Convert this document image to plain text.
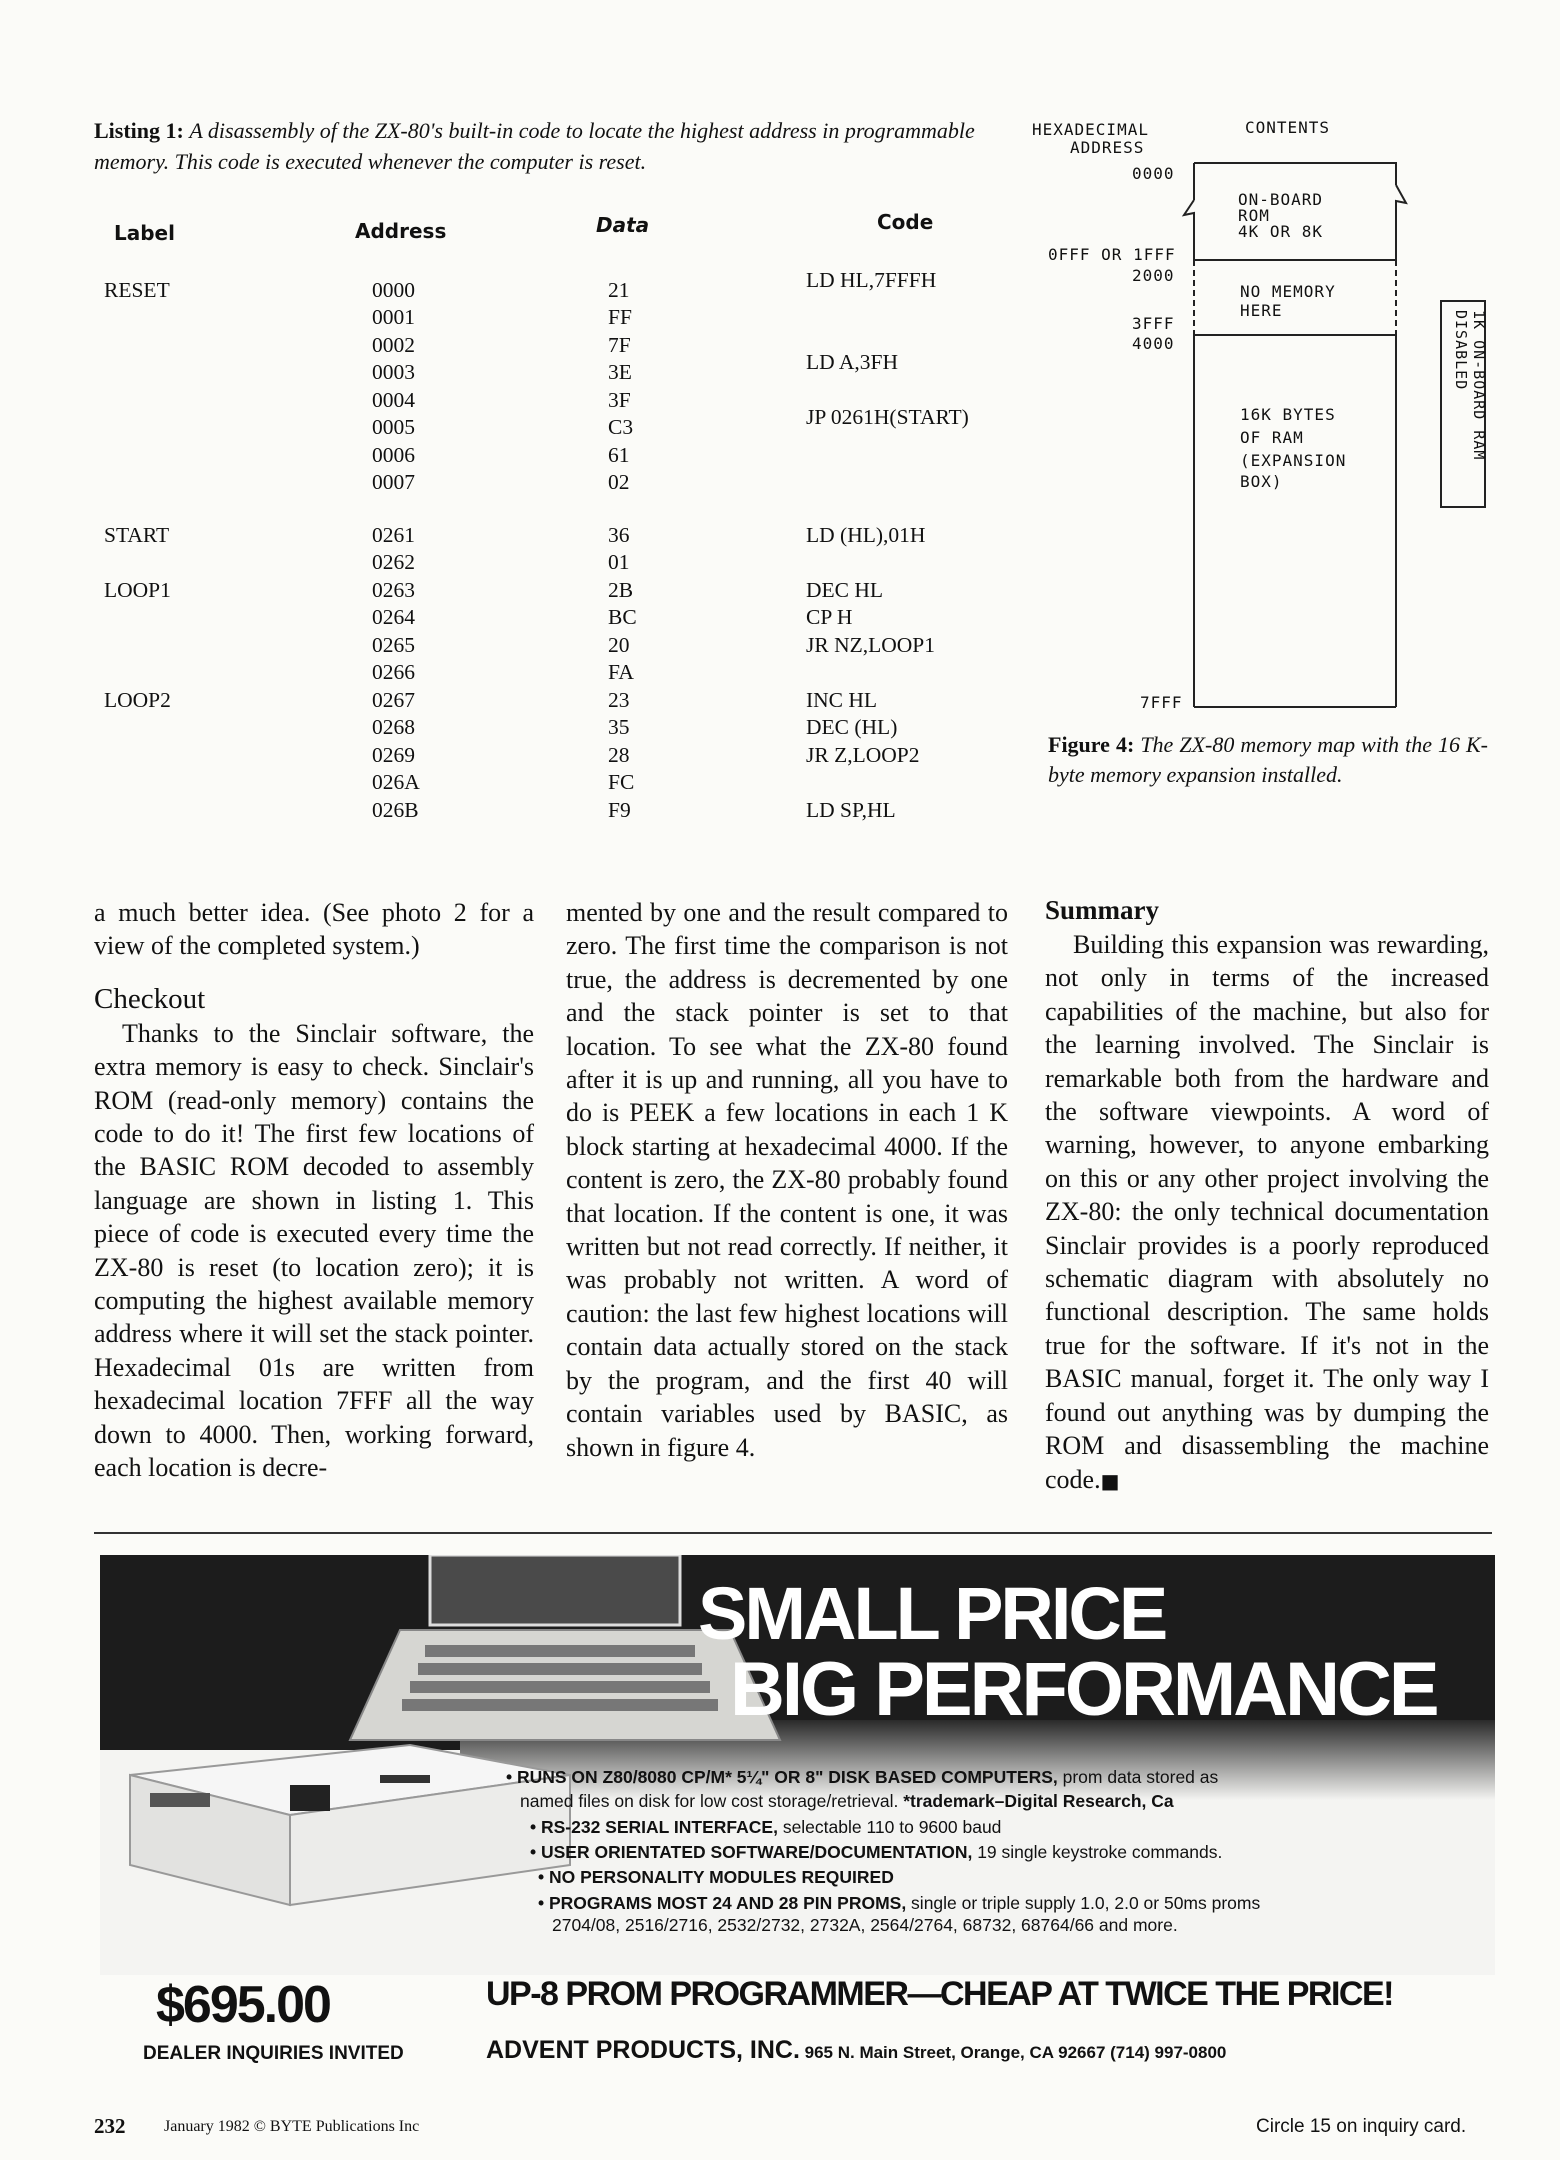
Listing 1: A disassembly of the ZX-80's built-in code to locate the highest address in programmable memory. This code is executed whenever the computer is reset.
Label	Address	Data	Code
RESET	0000	21	LD HL,7FFFH
0001	FF
0002	7F
0003	3E	LD A,3FH
0004	3F
0005	C3	JP 0261H(START)
0006	61
0007	02
START	0261	36	LD (HL),01H
0262	01
LOOP1	0263	2B	DEC HL
0264	BC	CP H
0265	20	JR NZ,LOOP1
0266	FA
LOOP2	0267	23	INC HL
0268	35	DEC (HL)
0269	28	JR Z,LOOP2
026A	FC
026B	F9	LD SP,HL
HEXADECIMAL
ADDRESS
CONTENTS
0000
0FFF OR 1FFF
2000
3FFF
4000
7FFF
ON-BOARD
ROM
4K OR 8K
NO MEMORY
HERE
16K BYTES
OF RAM
(EXPANSION
BOX)
1K ON-BOARD RAM
DISABLED
Figure 4: The ZX-80 memory map with the 16 K-byte memory expansion installed.

a much better idea. (See photo 2 for a view of the completed system.)

Checkout

Thanks to the Sinclair software, the extra memory is easy to check. Sinclair's ROM (read-only memory) contains the code to do it! The first few locations of the BASIC ROM decoded to assembly language are shown in listing 1. This piece of code is executed every time the ZX-80 is reset (to location zero); it is computing the highest available memory address where it will set the stack pointer. Hexadecimal 01s are written from hexadecimal location 7FFF all the way down to 4000. Then, working forward, each location is decre-

mented by one and the result compared to zero. The first time the comparison is not true, the address is decremented by one and the stack pointer is set to that location. To see what the ZX-80 found after it is up and running, all you have to do is PEEK a few locations in each 1 K block starting at hexadecimal 4000. If the content is zero, the ZX-80 probably found that location. If the content is one, it was written but not read correctly. If neither, it was probably not written. A word of caution: the last few highest locations will contain data actually stored on the stack by the program, and the first 40 will contain variables used by BASIC, as shown in figure 4.

Summary

Building this expansion was rewarding, not only in terms of the increased capabilities of the machine, but also for the learning involved. The Sinclair is remarkable both from the hardware and the software viewpoints. A word of warning, however, to anyone embarking on this or any other project involving the ZX-80: the only technical documentation Sinclair provides is a poorly reproduced schematic diagram with absolutely no functional description. The same holds true for the software. If it's not in the BASIC manual, forget it. The only way I found out anything was by dumping the ROM and disassembling the machine code.■

SMALL PRICE
BIG PERFORMANCE
• RUNS ON Z80/8080 CP/M* 5¼" OR 8" DISK BASED COMPUTERS, prom data stored as
named files on disk for low cost storage/retrieval. *trademark–Digital Research, Ca
• RS-232 SERIAL INTERFACE, selectable 110 to 9600 baud
• USER ORIENTATED SOFTWARE/DOCUMENTATION, 19 single keystroke commands.
• NO PERSONALITY MODULES REQUIRED
• PROGRAMS MOST 24 AND 28 PIN PROMS, single or triple supply 1.0, 2.0 or 50ms proms
2704/08, 2516/2716, 2532/2732, 2732A, 2564/2764, 68732, 68764/66 and more.
$695.00
DEALER INQUIRIES INVITED
UP-8 PROM PROGRAMMER—CHEAP AT TWICE THE PRICE!
ADVENT PRODUCTS, INC. 965 N. Main Street, Orange, CA 92667 (714) 997-0800
232 January 1982 © BYTE Publications Inc	Circle 15 on inquiry card.
